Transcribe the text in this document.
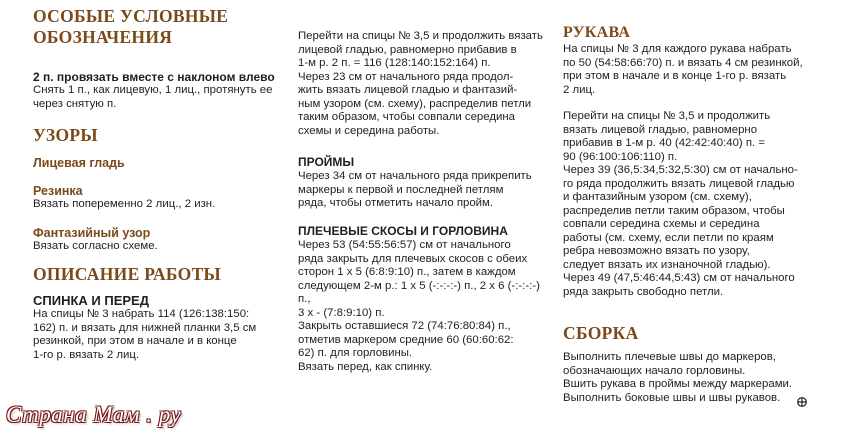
ОСОБЫЕ УСЛОВНЫЕ
ОБОЗНАЧЕНИЯ

2 п. провязать вместе с наклоном влево

Снять 1 п., как лицевую, 1 лиц., протянуть ее
через снятую п.

УЗОРЫ

Лицевая гладь

Резинка

Вязать попеременно 2 лиц., 2 изн.

Фантазийный узор

Вязать согласно схеме.

ОПИСАНИЕ РАБОТЫ

СПИНКА И ПЕРЕД

На спицы № 3 набрать 114 (126:138:150:
162) п. и вязать для нижней планки 3,5 см
резинкой, при этом в начале и в конце
1-го р. вязать 2 лиц.

Перейти на спицы № 3,5 и продолжить вязать
лицевой гладью, равномерно прибавив в
1-м р. 2 п. = 116 (128:140:152:164) п.
Через 23 см от начального ряда продол-
жить вязать лицевой гладью и фантазий-
ным узором (см. схему), распределив петли
таким образом, чтобы совпали середина
схемы и середина работы.

ПРОЙМЫ

Через 34 см от начального ряда прикрепить
маркеры к первой и последней петлям
ряда, чтобы отметить начало пройм.

ПЛЕЧЕВЫЕ СКОСЫ И ГОРЛОВИНА

Через 53 (54:55:56:57) см от начального
ряда закрыть для плечевых скосов с обеих
сторон 1 х 5 (6:8:9:10) п., затем в каждом
следующем 2-м р.: 1 х 5 (-:-:-:-) п., 2 х 6 (-:-:-:-) п.,
3 х - (7:8:9:10) п.
Закрыть оставшиеся 72 (74:76:80:84) п.,
отметив маркером средние 60 (60:60:62:
62) п. для горловины.
Вязать перед, как спинку.

РУКАВА

На спицы № 3 для каждого рукава набрать
по 50 (54:58:66:70) п. и вязать 4 см резинкой,
при этом в начале и в конце 1-го р. вязать
2 лиц.

Перейти на спицы № 3,5 и продолжить
вязать лицевой гладью, равномерно
прибавив в 1-м р. 40 (42:42:40:40) п. =
90 (96:100:106:110) п.
Через 39 (36,5:34,5:32,5:30) см от начально-
го ряда продолжить вязать лицевой гладью
и фантазийным узором (см. схему),
распределив петли таким образом, чтобы
совпали середина схемы и середина
работы (см. схему, если петли по краям
ребра невозможно вязать по узору,
следует вязать их изнаночной гладью).
Через 49 (47,5:46:44,5:43) см от начального
ряда закрыть свободно петли.

СБОРКА

Выполнить плечевые швы до маркеров,
обозначающих начало горловины.
Вшить рукава в проймы между маркерами.
Выполнить боковые швы и швы рукавов.

Страна Мам . ру
